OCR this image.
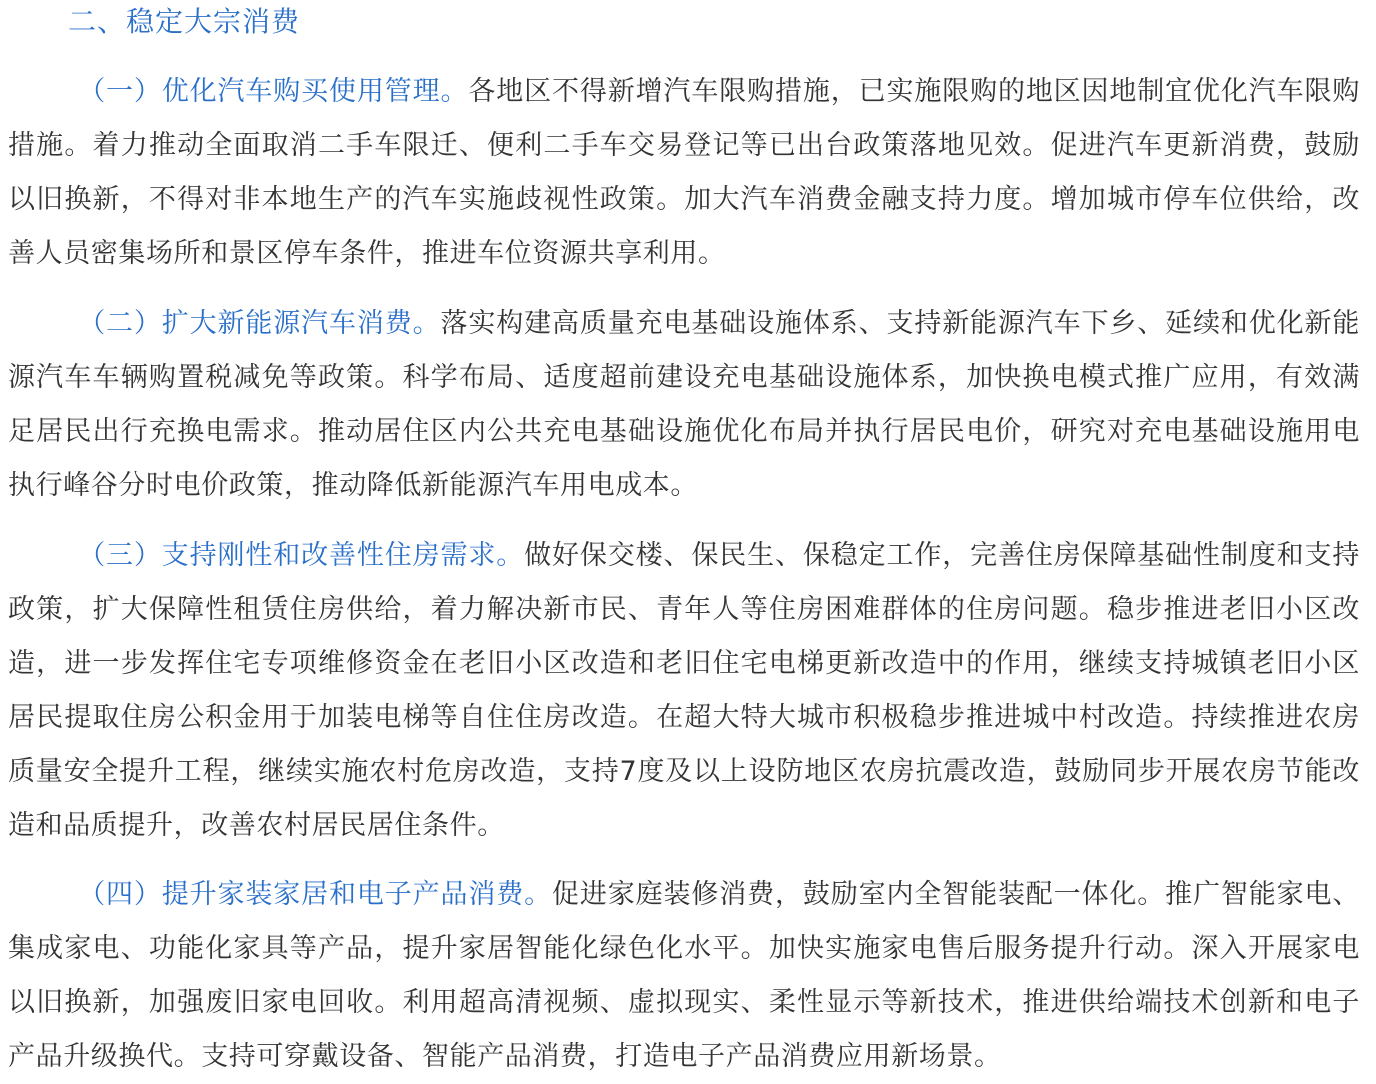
二、稳定大宗消费

（一）优化汽车购买使用管理。各地区不得新增汽车限购措施，已实施限购的地区因地制宜优化汽车限购措施。着力推动全面取消二手车限迁、便利二手车交易登记等已出台政策落地见效。促进汽车更新消费，鼓励以旧换新，不得对非本地生产的汽车实施歧视性政策。加大汽车消费金融支持力度。增加城市停车位供给，改善人员密集场所和景区停车条件，推进车位资源共享利用。

（二）扩大新能源汽车消费。落实构建高质量充电基础设施体系、支持新能源汽车下乡、延续和优化新能源汽车车辆购置税减免等政策。科学布局、适度超前建设充电基础设施体系，加快换电模式推广应用，有效满足居民出行充换电需求。推动居住区内公共充电基础设施优化布局并执行居民电价，研究对充电基础设施用电执行峰谷分时电价政策，推动降低新能源汽车用电成本。

（三）支持刚性和改善性住房需求。做好保交楼、保民生、保稳定工作，完善住房保障基础性制度和支持政策，扩大保障性租赁住房供给，着力解决新市民、青年人等住房困难群体的住房问题。稳步推进老旧小区改造，进一步发挥住宅专项维修资金在老旧小区改造和老旧住宅电梯更新改造中的作用，继续支持城镇老旧小区居民提取住房公积金用于加装电梯等自住住房改造。在超大特大城市积极稳步推进城中村改造。持续推进农房质量安全提升工程，继续实施农村危房改造，支持7度及以上设防地区农房抗震改造，鼓励同步开展农房节能改造和品质提升，改善农村居民居住条件。

（四）提升家装家居和电子产品消费。促进家庭装修消费，鼓励室内全智能装配一体化。推广智能家电、集成家电、功能化家具等产品，提升家居智能化绿色化水平。加快实施家电售后服务提升行动。深入开展家电以旧换新，加强废旧家电回收。利用超高清视频、虚拟现实、柔性显示等新技术，推进供给端技术创新和电子产品升级换代。支持可穿戴设备、智能产品消费，打造电子产品消费应用新场景。
